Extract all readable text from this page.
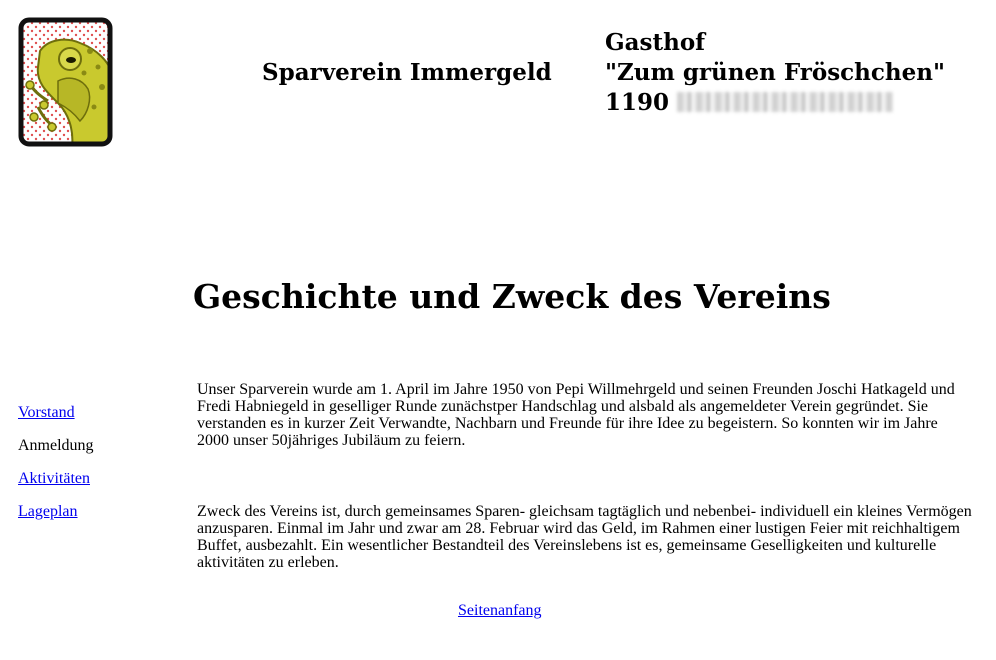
Sparverein Immergeld
Gasthof
"Zum grünen Fröschchen"
1190
Geschichte und Zweck des Vereins
Vorstand
Anmeldung
Aktivitäten
Lageplan

Unser Sparverein wurde am 1. April im Jahre 1950 von Pepi Willmehrgeld und seinen Freunden Joschi Hatkageld und Fredi Habniegeld in geselliger Runde zunächstper Handschlag und alsbald als angemeldeter Verein gegründet. Sie verstanden es in kurzer Zeit Verwandte, Nachbarn und Freunde für ihre Idee zu begeistern. So konnten wir im Jahre 2000 unser 50jähriges Jubiläum zu feiern.

Zweck des Vereins ist, durch gemeinsames Sparen- gleichsam tagtäglich und nebenbei- individuell ein kleines Vermögen anzusparen. Einmal im Jahr und zwar am 28. Februar wird das Geld, im Rahmen einer lustigen Feier mit reichhaltigem Buffet, ausbezahlt. Ein wesentlicher Bestandteil des Vereinslebens ist es, gemeinsame Geselligkeiten und kulturelle aktivitäten zu erleben.

Seitenanfang
